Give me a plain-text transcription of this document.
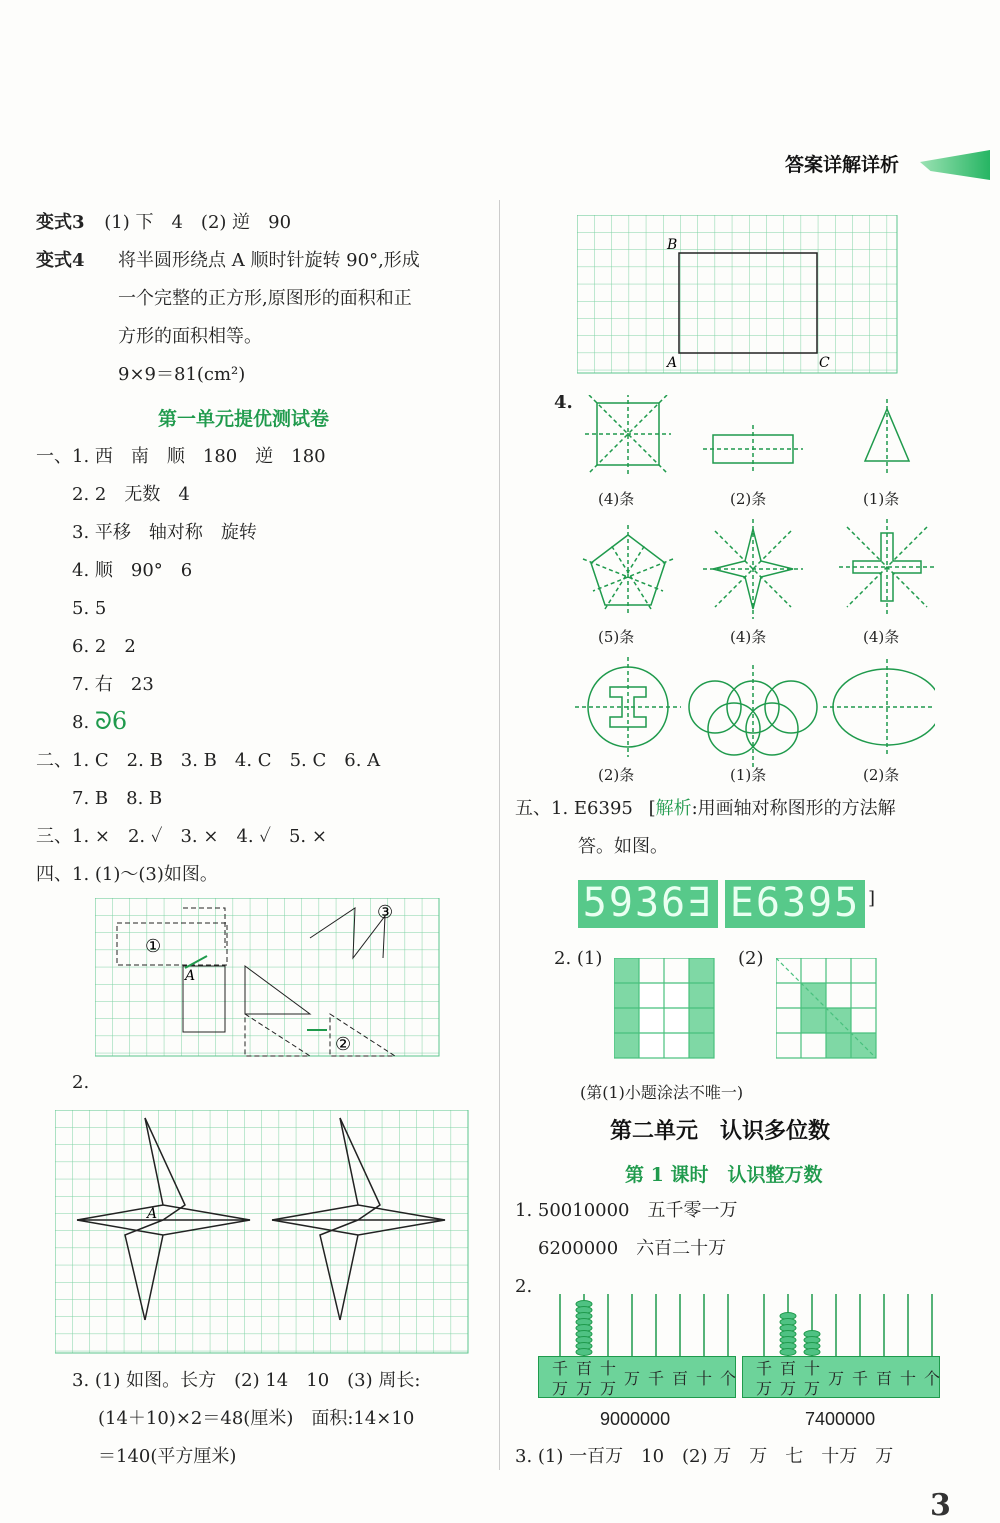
答案详解详析
变式3 (1) 下　4　(2) 逆　90
变式4 将半圆形绕点 A 顺时针旋转 90°,形成
一个完整的正方形,原图形的面积和正
方形的面积相等。
9×9＝81(cm²)
第一单元提优测试卷
一、1. 西　南　顺　180　逆　180
2. 2　无数　4
3. 平移　轴对称　旋转
4. 顺　90°　6
5. 5
6. 2　2
7. 右　23
8. ᘐ6
二、1. C　2. B　3. B　4. C　5. C　6. A
7. B　8. B
三、1. ×　2. ✓　3. ×　4. ✓　5. ×
四、1. (1)～(3)如图。
①
②
③
A
2.
A
3. (1) 如图。长方　(2) 14　10　(3) 周长:
(14＋10)×2＝48(厘米)　面积:14×10
＝140(平方厘米)
B
A	C
4.
(4)条	(2)条	(1)条
(5)条	(4)条	(4)条
(2)条	(1)条	(2)条
五、1. E6395 [解析:用画轴对称图形的方法解
答。如图。
5936∃ E6395 ]
2. (1)	(2)
(第(1)小题涂法不唯一)
第二单元　认识多位数
第 1 课时　认识整万数
1. 50010000　五千零一万
6200000　六百二十万
2.
千 百 十
万 万 万
万 千 百 十 个
9000000
千 百 十
万 万 万
万 千 百 十 个
7400000
3. (1) 一百万　10　(2) 万　万　七　十万　万
3
